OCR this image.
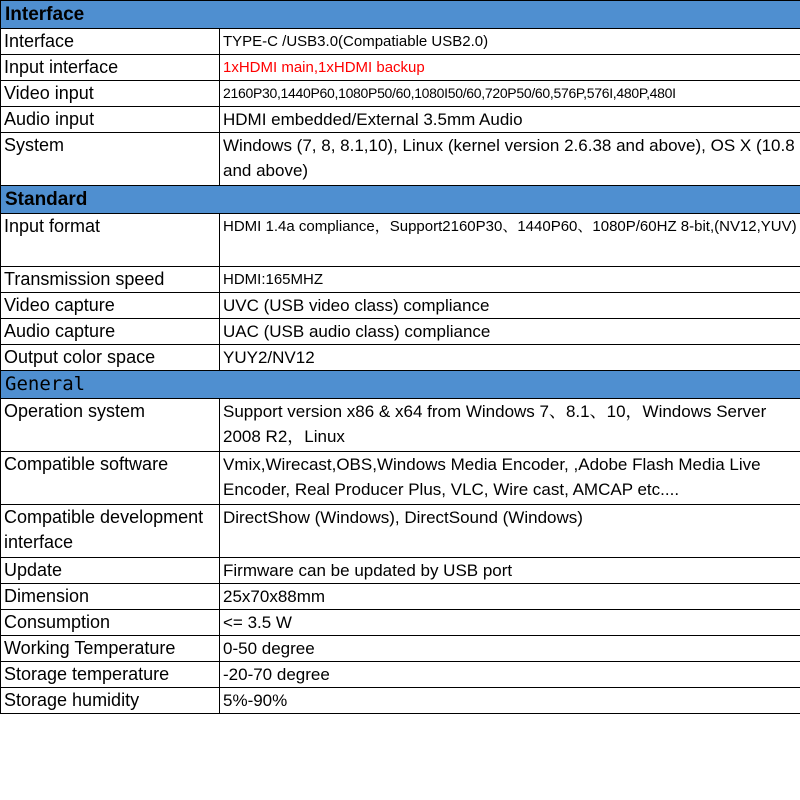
Interface	
Interface	TYPE-C /USB3.0(Compatiable USB2.0)
Input interface	1xHDMI main,1xHDMI backup
Video input	2160P30,1440P60,1080P50/60,1080I50/60,720P50/60,576P,576I,480P,480I
Audio input	HDMI embedded/External 3.5mm Audio
System	Windows (7, 8, 8.1,10), Linux (kernel version 2.6.38 and above), OS X (10.8 and above)
Standard	
Input format	HDMI 1.4a compliance，Support2160P30、1440P60、1080P/60HZ 8-bit,(NV12,YUV)
Transmission speed	HDMI:165MHZ
Video capture	UVC (USB video class) compliance
Audio capture	UAC (USB audio class) compliance
Output color space	YUY2/NV12
General	
Operation system	Support version x86 & x64 from Windows 7、8.1、10，Windows Server 2008 R2，Linux
Compatible software	Vmix,Wirecast,OBS,Windows Media Encoder, ,Adobe Flash Media Live Encoder, Real Producer Plus, VLC, Wire cast, AMCAP etc....
Compatible development interface	DirectShow (Windows), DirectSound (Windows)
Update	Firmware can be updated by USB port
Dimension	25x70x88mm
Consumption	<= 3.5 W
Working Temperature	0-50 degree
Storage temperature	-20-70 degree
Storage humidity	5%-90%
